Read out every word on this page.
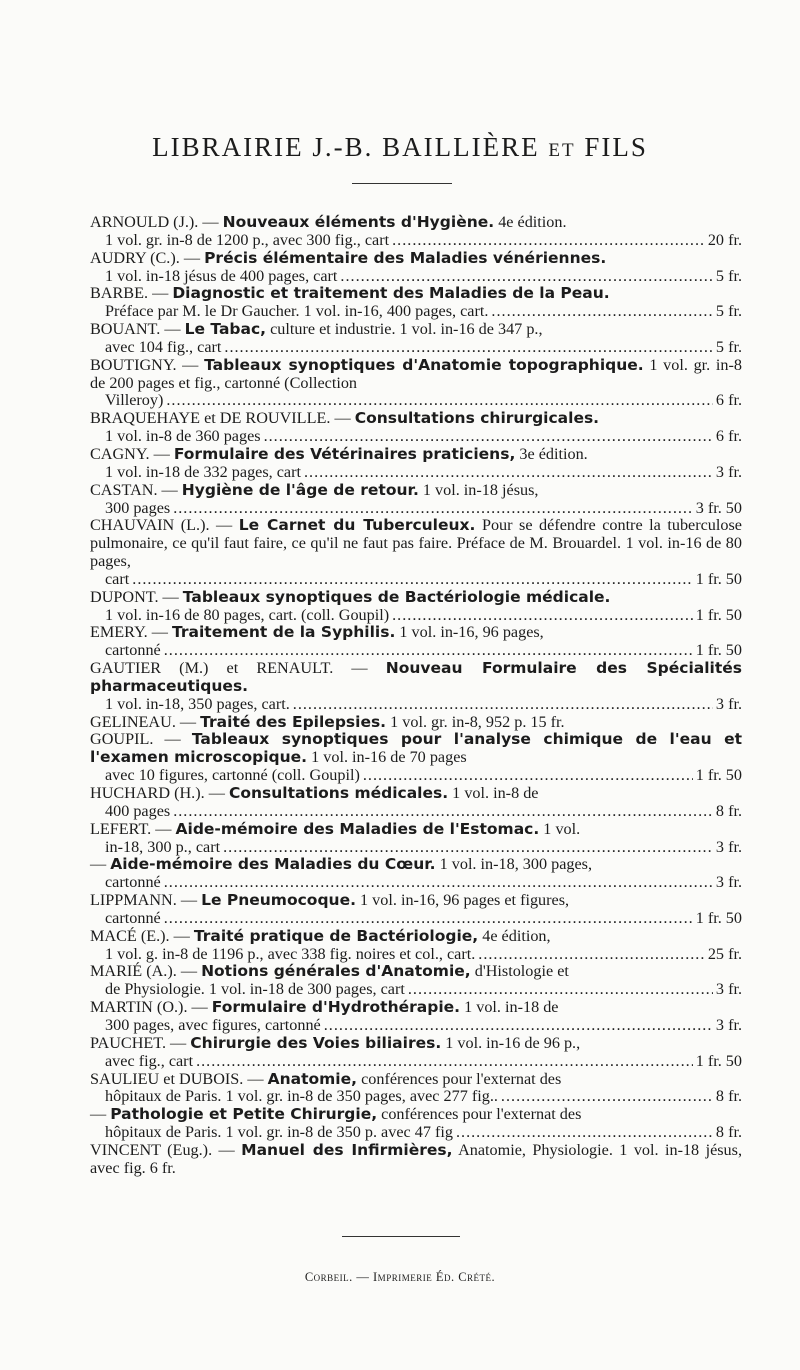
LIBRAIRIE J.-B. BAILLIÈRE ET FILS
ARNOULD (J.). — Nouveaux éléments d'Hygiène. 4e édition.
1 vol. gr. in-8 de 1200 p., avec 300 fig., cart .....	20 fr.
AUDRY (C.). — Précis élémentaire des Maladies vénériennes.
1 vol. in-18 jésus de 400 pages, cart .....	5 fr.
BARBE. — Diagnostic et traitement des Maladies de la Peau.
Préface par M. le Dr Gaucher. 1 vol. in-16, 400 pages, cart. .....	5 fr.
BOUANT. — Le Tabac, culture et industrie. 1 vol. in-16 de 347 p.,
avec 104 fig., cart .....	5 fr.
BOUTIGNY. — Tableaux synoptiques d'Anatomie topographique. 1 vol. gr. in-8 de 200 pages et fig., cartonné (Collection
Villeroy) .....	6 fr.
BRAQUEHAYE et DE ROUVILLE. — Consultations chirurgicales.
1 vol. in-8 de 360 pages .....	6 fr.
CAGNY. — Formulaire des Vétérinaires praticiens, 3e édition.
1 vol. in-18 de 332 pages, cart .....	3 fr.
CASTAN. — Hygiène de l'âge de retour. 1 vol. in-18 jésus,
300 pages .....	3 fr. 50
CHAUVAIN (L.). — Le Carnet du Tuberculeux. Pour se défendre contre la tuberculose pulmonaire, ce qu'il faut faire, ce qu'il ne faut pas faire. Préface de M. Brouardel. 1 vol. in-16 de 80 pages,
cart .....	1 fr. 50
DUPONT. — Tableaux synoptiques de Bactériologie médicale.
1 vol. in-16 de 80 pages, cart. (coll. Goupil) .....	1 fr. 50
EMERY. — Traitement de la Syphilis. 1 vol. in-16, 96 pages,
cartonné .....	1 fr. 50
GAUTIER (M.) et RENAULT. — Nouveau Formulaire des Spécialités pharmaceutiques.
1 vol. in-18, 350 pages, cart. .....	3 fr.
GELINEAU. — Traité des Epilepsies. 1 vol. gr. in-8, 952 p. 15 fr.
GOUPIL. — Tableaux synoptiques pour l'analyse chimique de l'eau et l'examen microscopique. 1 vol. in-16 de 70 pages
avec 10 figures, cartonné (coll. Goupil) .....	1 fr. 50
HUCHARD (H.). — Consultations médicales. 1 vol. in-8 de
400 pages .....	8 fr.
LEFERT. — Aide-mémoire des Maladies de l'Estomac. 1 vol.
in-18, 300 p., cart .....	3 fr.
— Aide-mémoire des Maladies du Cœur. 1 vol. in-18, 300 pages,
cartonné .....	3 fr.
LIPPMANN. — Le Pneumocoque. 1 vol. in-16, 96 pages et figures,
cartonné .....	1 fr. 50
MACÉ (E.). — Traité pratique de Bactériologie, 4e édition,
1 vol. g. in-8 de 1196 p., avec 338 fig. noires et col., cart. .....	25 fr.
MARIÉ (A.). — Notions générales d'Anatomie, d'Histologie et
de Physiologie. 1 vol. in-18 de 300 pages, cart .....	3 fr.
MARTIN (O.). — Formulaire d'Hydrothérapie. 1 vol. in-18 de
300 pages, avec figures, cartonné .....	3 fr.
PAUCHET. — Chirurgie des Voies biliaires. 1 vol. in-16 de 96 p.,
avec fig., cart .....	1 fr. 50
SAULIEU et DUBOIS. — Anatomie, conférences pour l'externat des
hôpitaux de Paris. 1 vol. gr. in-8 de 350 pages, avec 277 fig.. .....	8 fr.
— Pathologie et Petite Chirurgie, conférences pour l'externat des
hôpitaux de Paris. 1 vol. gr. in-8 de 350 p. avec 47 fig .....	8 fr.
VINCENT (Eug.). — Manuel des Infirmières, Anatomie, Physiologie. 1 vol. in-18 jésus, avec fig. 6 fr.
Corbeil. — Imprimerie Éd. Crété.
